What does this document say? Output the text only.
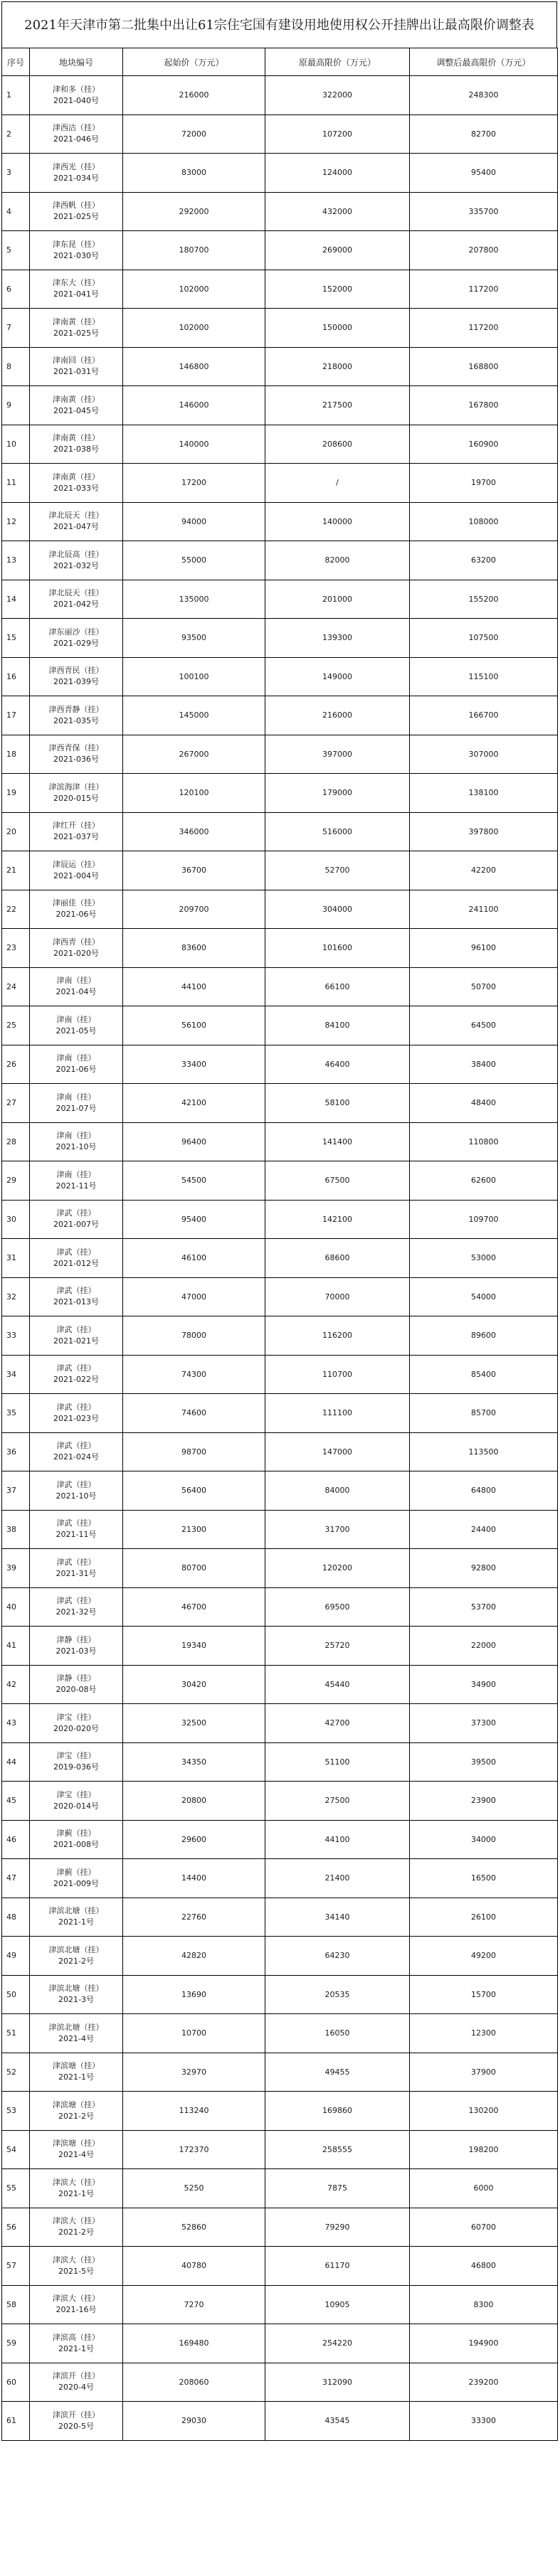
2021年天津市第二批集中出让61宗住宅国有建设用地使用权公开挂牌出让最高限价调整表
序号	地块编号	起始价（万元）	原最高限价（万元）	调整后最高限价（万元）
1	津和多（挂）
2021-040号	216000	322000	248300
2	津西沽（挂）
2021-046号	72000	107200	82700
3	津西光（挂）
2021-034号	83000	124000	95400
4	津西帆（挂）
2021-025号	292000	432000	335700
5	津东昆（挂）
2021-030号	180700	269000	207800
6	津东大（挂）
2021-041号	102000	152000	117200
7	津南黄（挂）
2021-025号	102000	150000	117200
8	津南回（挂）
2021-031号	146800	218000	168800
9	津南黄（挂）
2021-045号	146000	217500	167800
10	津南黄（挂）
2021-038号	140000	208600	160900
11	津南黄（挂）
2021-033号	17200	/	19700
12	津北辰天（挂）
2021-047号	94000	140000	108000
13	津北辰高（挂）
2021-032号	55000	82000	63200
14	津北辰天（挂）
2021-042号	135000	201000	155200
15	津东丽沙（挂）
2021-029号	93500	139300	107500
16	津西青民（挂）
2021-039号	100100	149000	115100
17	津西青静（挂）
2021-035号	145000	216000	166700
18	津西青保（挂）
2021-036号	267000	397000	307000
19	津滨海津（挂）
2020-015号	120100	179000	138100
20	津红开（挂）
2021-037号	346000	516000	397800
21	津辰运（挂）
2021-004号	36700	52700	42200
22	津丽佳（挂）
2021-06号	209700	304000	241100
23	津西青（挂）
2021-020号	83600	101600	96100
24	津南（挂）
2021-04号	44100	66100	50700
25	津南（挂）
2021-05号	56100	84100	64500
26	津南（挂）
2021-06号	33400	46400	38400
27	津南（挂）
2021-07号	42100	58100	48400
28	津南（挂）
2021-10号	96400	141400	110800
29	津南（挂）
2021-11号	54500	67500	62600
30	津武（挂）
2021-007号	95400	142100	109700
31	津武（挂）
2021-012号	46100	68600	53000
32	津武（挂）
2021-013号	47000	70000	54000
33	津武（挂）
2021-021号	78000	116200	89600
34	津武（挂）
2021-022号	74300	110700	85400
35	津武（挂）
2021-023号	74600	111100	85700
36	津武（挂）
2021-024号	98700	147000	113500
37	津武（挂）
2021-10号	56400	84000	64800
38	津武（挂）
2021-11号	21300	31700	24400
39	津武（挂）
2021-31号	80700	120200	92800
40	津武（挂）
2021-32号	46700	69500	53700
41	津静（挂）
2021-03号	19340	25720	22000
42	津静（挂）
2020-08号	30420	45440	34900
43	津宝（挂）
2020-020号	32500	42700	37300
44	津宝（挂）
2019-036号	34350	51100	39500
45	津宝（挂）
2020-014号	20800	27500	23900
46	津蓟（挂）
2021-008号	29600	44100	34000
47	津蓟（挂）
2021-009号	14400	21400	16500
48	津滨北塘（挂）
2021-1号	22760	34140	26100
49	津滨北塘（挂）
2021-2号	42820	64230	49200
50	津滨北塘（挂）
2021-3号	13690	20535	15700
51	津滨北塘（挂）
2021-4号	10700	16050	12300
52	津滨塘（挂）
2021-1号	32970	49455	37900
53	津滨塘（挂）
2021-2号	113240	169860	130200
54	津滨塘（挂）
2021-4号	172370	258555	198200
55	津滨大（挂）
2021-1号	5250	7875	6000
56	津滨大（挂）
2021-2号	52860	79290	60700
57	津滨大（挂）
2021-5号	40780	61170	46800
58	津滨大（挂）
2021-16号	7270	10905	8300
59	津滨高（挂）
2021-1号	169480	254220	194900
60	津滨开（挂）
2020-4号	208060	312090	239200
61	津滨开（挂）
2020-5号	29030	43545	33300
